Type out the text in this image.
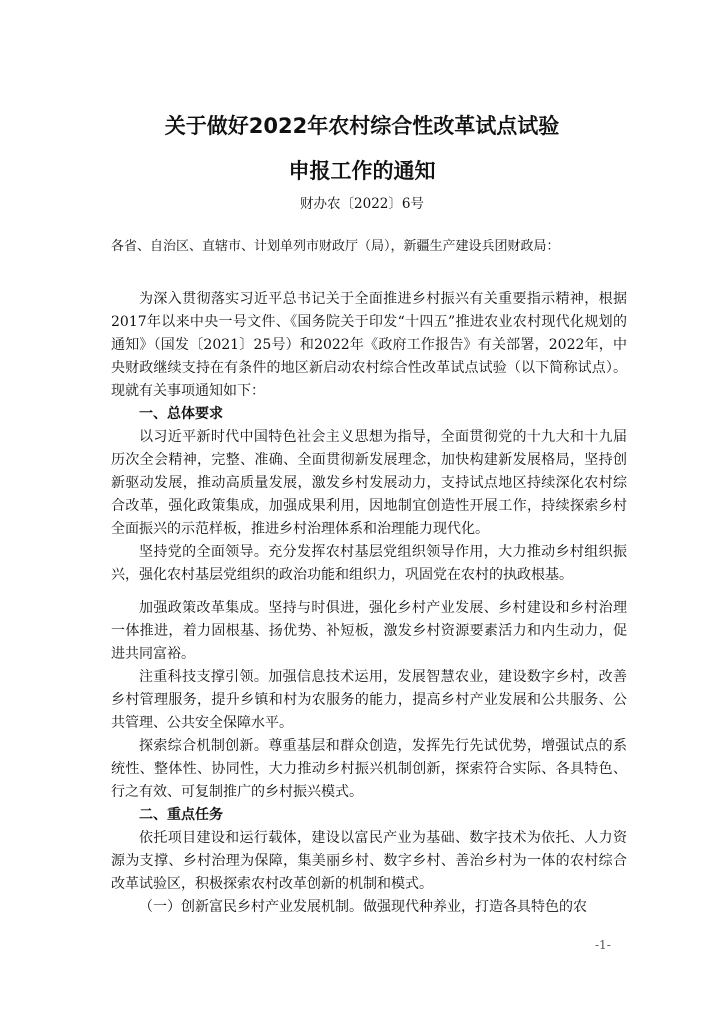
关于做好2022年农村综合性改革试点试验
申报工作的通知

财办农〔2022〕6号

各省、自治区、直辖市、计划单列市财政厅（局），新疆生产建设兵团财政局：

为深入贯彻落实习近平总书记关于全面推进乡村振兴有关重要指示精神，根据2017年以来中央一号文件、《国务院关于印发“十四五”推进农业农村现代化规划的通知》（国发〔2021〕25号）和2022年《政府工作报告》有关部署，2022年，中央财政继续支持在有条件的地区新启动农村综合性改革试点试验（以下简称试点）。现就有关事项通知如下：

一、总体要求

以习近平新时代中国特色社会主义思想为指导，全面贯彻党的十九大和十九届历次全会精神，完整、准确、全面贯彻新发展理念，加快构建新发展格局，坚持创新驱动发展，推动高质量发展，激发乡村发展动力，支持试点地区持续深化农村综合改革，强化政策集成，加强成果利用，因地制宜创造性开展工作，持续探索乡村全面振兴的示范样板，推进乡村治理体系和治理能力现代化。

坚持党的全面领导。充分发挥农村基层党组织领导作用，大力推动乡村组织振兴，强化农村基层党组织的政治功能和组织力，巩固党在农村的执政根基。

加强政策改革集成。坚持与时俱进，强化乡村产业发展、乡村建设和乡村治理一体推进，着力固根基、扬优势、补短板，激发乡村资源要素活力和内生动力，促进共同富裕。

注重科技支撑引领。加强信息技术运用，发展智慧农业，建设数字乡村，改善乡村管理服务，提升乡镇和村为农服务的能力，提高乡村产业发展和公共服务、公共管理、公共安全保障水平。

探索综合机制创新。尊重基层和群众创造，发挥先行先试优势，增强试点的系统性、整体性、协同性，大力推动乡村振兴机制创新，探索符合实际、各具特色、行之有效、可复制推广的乡村振兴模式。

二、重点任务

依托项目建设和运行载体，建设以富民产业为基础、数字技术为依托、人力资源为支撑、乡村治理为保障，集美丽乡村、数字乡村、善治乡村为一体的农村综合改革试验区，积极探索农村改革创新的机制和模式。

（一）创新富民乡村产业发展机制。做强现代种养业，打造各具特色的农

-1-
